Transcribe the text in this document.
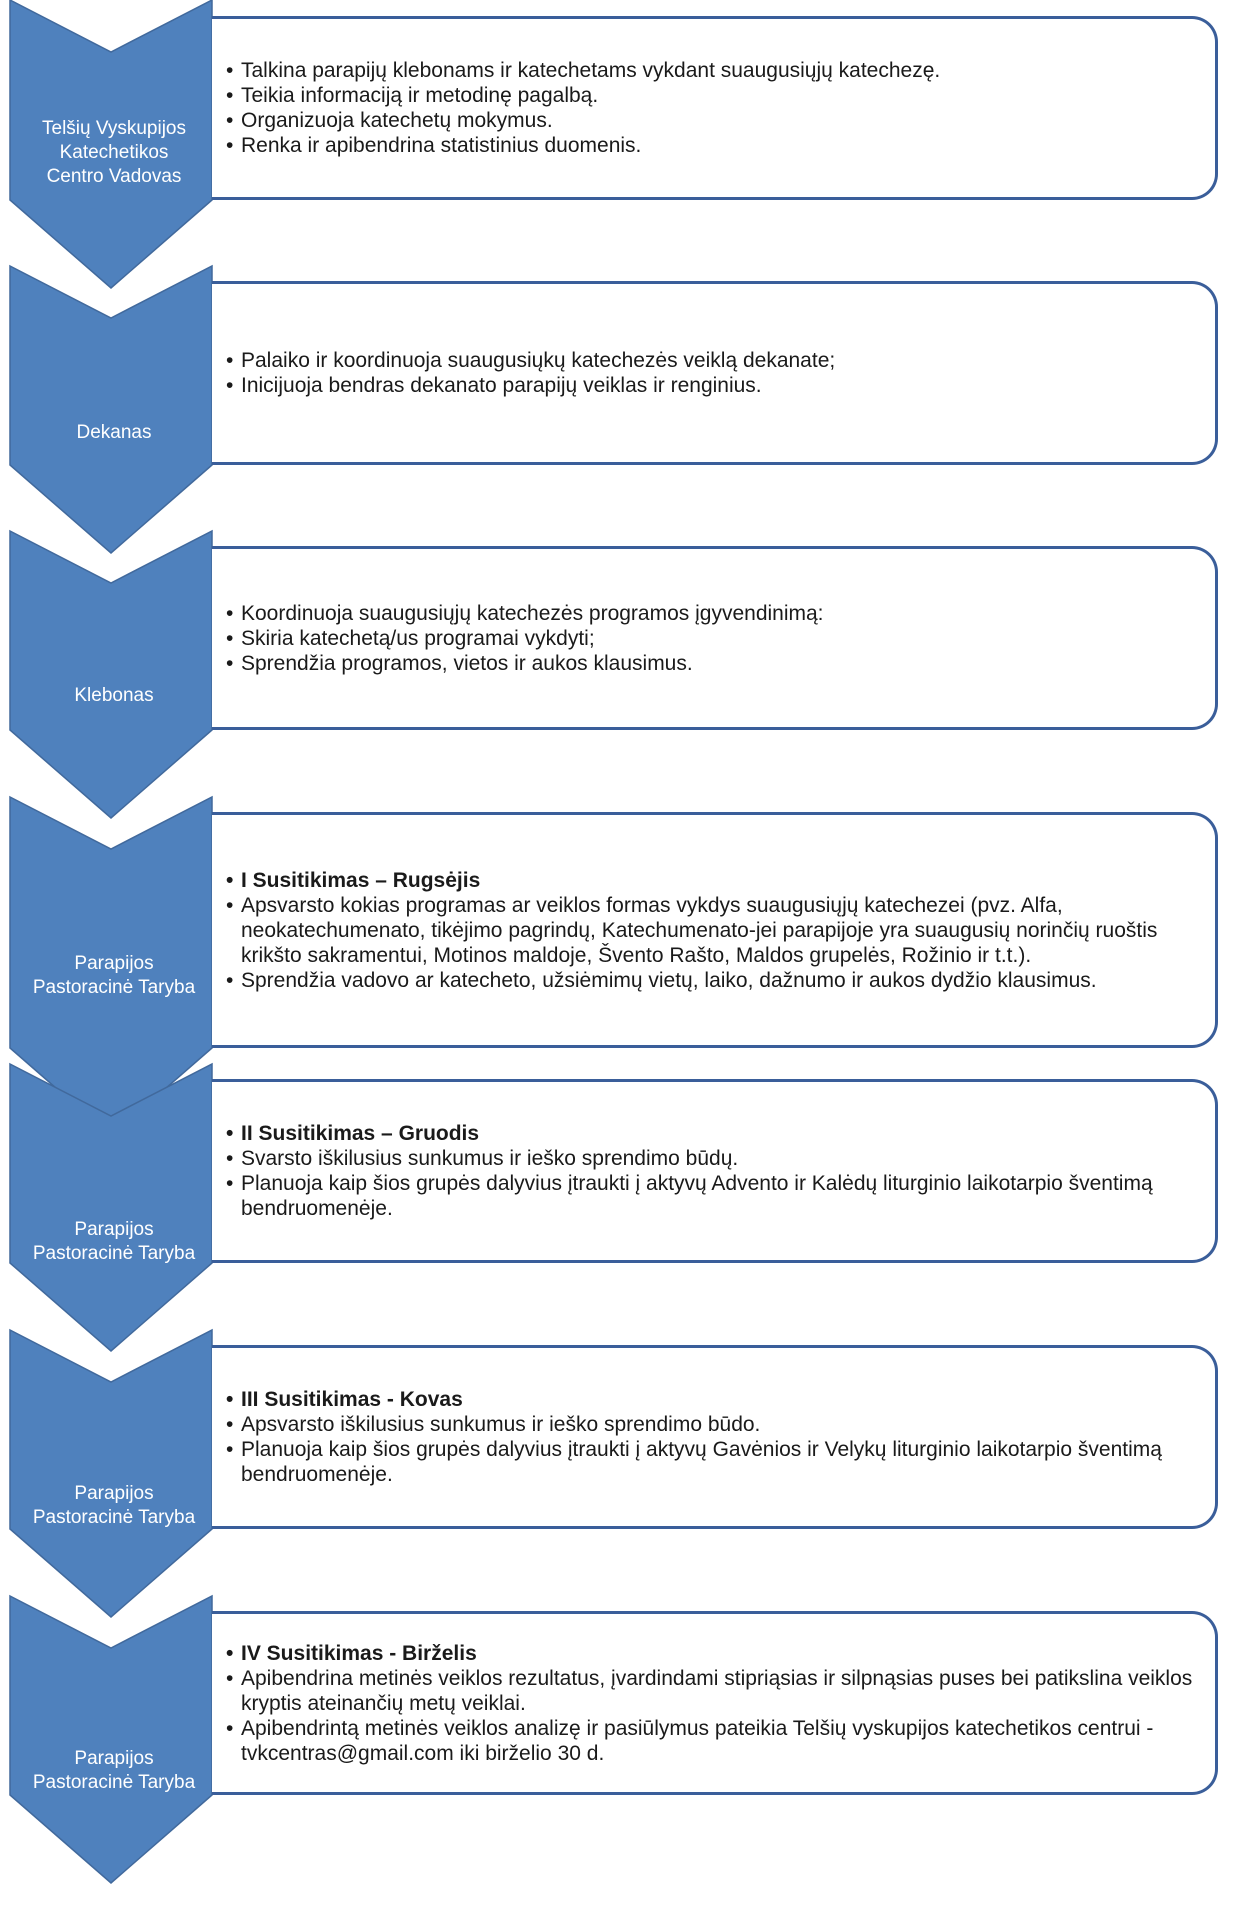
Telšių Vyskupijos
Katechetikos
Centro Vadovas
• Talkina parapijų klebonams ir katechetams vykdant suaugusiųjų katechezę.
• Teikia informaciją ir metodinę pagalbą.
• Organizuoja katechetų mokymus.
• Renka ir apibendrina statistinius duomenis.
Dekanas
• Palaiko ir koordinuoja suaugusiųkų katechezės veiklą dekanate;
• Inicijuoja bendras dekanato parapijų veiklas ir renginius.
Klebonas
• Koordinuoja suaugusiųjų katechezės programos įgyvendinimą:
• Skiria katechetą/us programai vykdyti;
• Sprendžia programos, vietos ir aukos klausimus.
Parapijos
Pastoracinė Taryba
• I Susitikimas – Rugsėjis
• Apsvarsto kokias programas ar veiklos formas vykdys suaugusiųjų katechezei (pvz. Alfa, neokatechumenato, tikėjimo pagrindų, Katechumenato-jei parapijoje yra suaugusių norinčių ruoštis krikšto sakramentui, Motinos maldoje, Švento Rašto, Maldos grupelės, Rožinio ir t.t.).
• Sprendžia vadovo ar katecheto, užsiėmimų vietų, laiko, dažnumo ir aukos dydžio klausimus.
Parapijos
Pastoracinė Taryba
• II Susitikimas – Gruodis
• Svarsto iškilusius sunkumus ir ieško sprendimo būdų.
• Planuoja kaip šios grupės dalyvius įtraukti į aktyvų Advento ir Kalėdų liturginio laikotarpio šventimą bendruomenėje.
Parapijos
Pastoracinė Taryba
• III Susitikimas - Kovas
• Apsvarsto iškilusius sunkumus ir ieško sprendimo būdo.
• Planuoja kaip šios grupės dalyvius įtraukti į aktyvų Gavėnios ir Velykų liturginio laikotarpio šventimą bendruomenėje.
Parapijos
Pastoracinė Taryba
• IV Susitikimas - Birželis
• Apibendrina metinės veiklos rezultatus, įvardindami stipriąsias ir silpnąsias puses bei patikslina veiklos kryptis ateinančių metų veiklai.
• Apibendrintą metinės veiklos analizę ir pasiūlymus pateikia Telšių vyskupijos katechetikos centrui - tvkcentras@gmail.com iki birželio 30 d.
